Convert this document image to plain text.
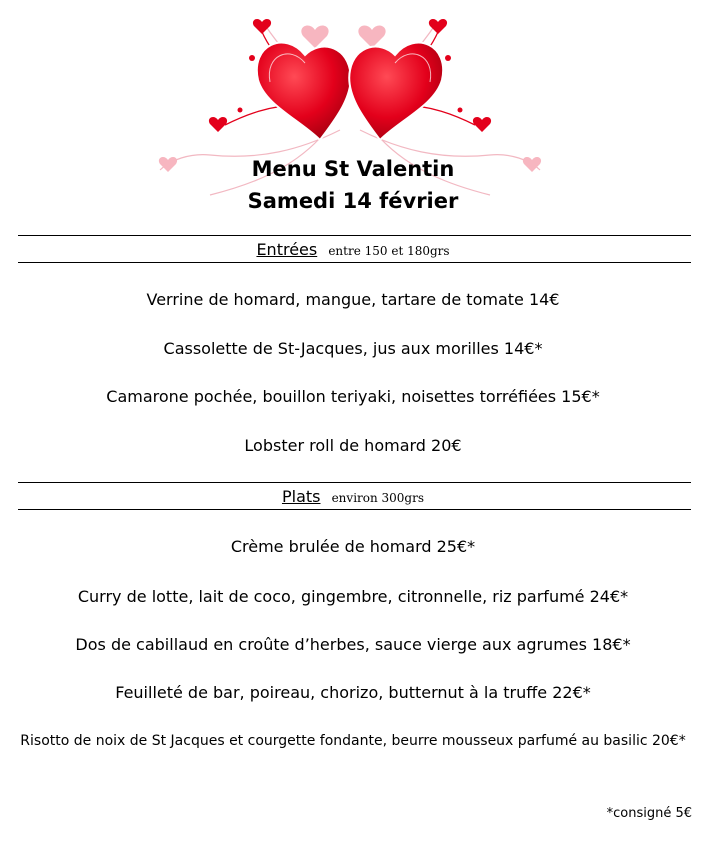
Menu St Valentin
Samedi 14 février
Entrées entre 150 et 180grs
Verrine de homard, mangue, tartare de tomate 14€
Cassolette de St-Jacques, jus aux morilles 14€*
Camarone pochée, bouillon teriyaki, noisettes torréfiées 15€*
Lobster roll de homard 20€
Plats environ 300grs
Crème brulée de homard 25€*
Curry de lotte, lait de coco, gingembre, citronnelle, riz parfumé 24€*
Dos de cabillaud en croûte d’herbes, sauce vierge aux agrumes 18€*
Feuilleté de bar, poireau, chorizo, butternut à la truffe 22€*
Risotto de noix de St Jacques et courgette fondante, beurre mousseux parfumé au basilic 20€*
*consigné 5€
